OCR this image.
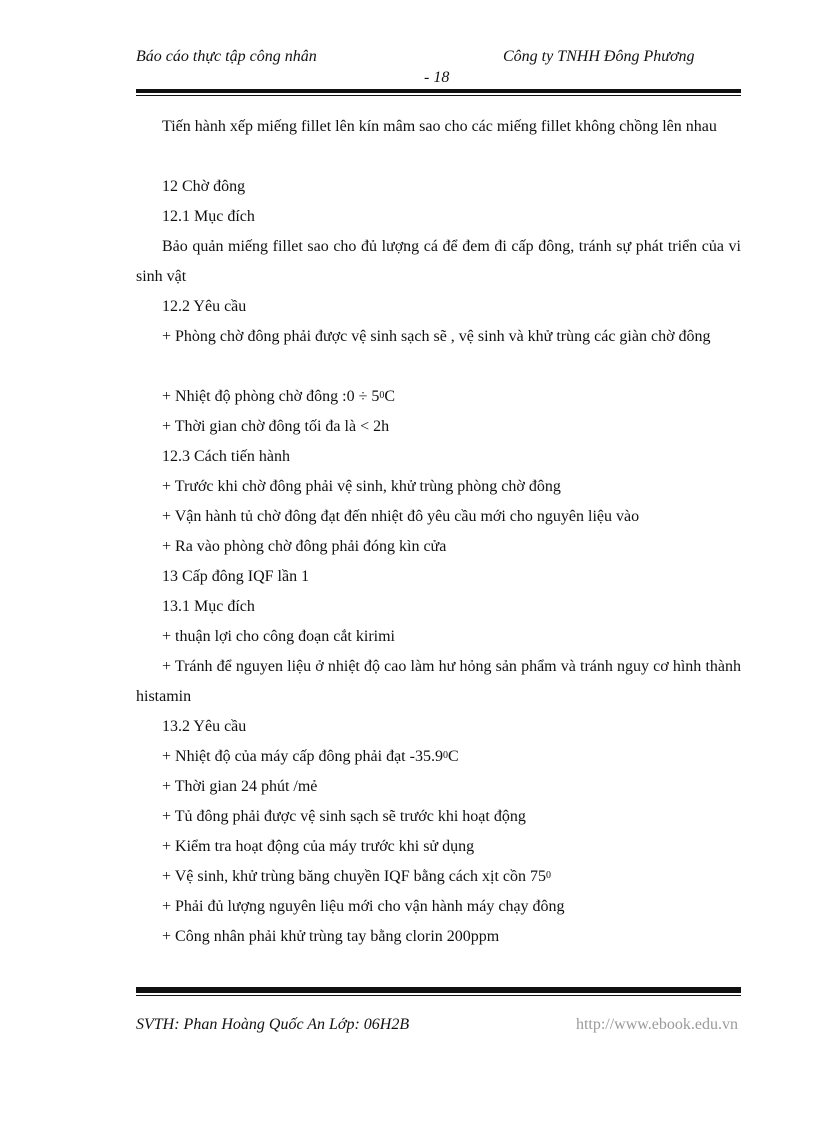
Báo cáo thực tập công nhân	Công ty TNHH Đông Phương
- 18
Tiến hành xếp miếng fillet lên kín mâm sao cho các miếng fillet không chồng lên nhau
12 Chờ đông
12.1 Mục đích
Bảo quản miếng fillet sao cho đủ lượng cá để đem đi cấp đông, tránh sự phát triển của vi sinh vật
12.2 Yêu cầu
+ Phòng chờ đông phải được vệ sinh sạch sẽ , vệ sinh và khử trùng các giàn chờ đông
+ Nhiệt độ phòng chờ đông :0 ÷ $5^0C$
+ Thời gian chờ đông tối đa là < 2h
12.3 Cách tiến hành
+ Trước khi chờ đông phải vệ sinh, khử trùng phòng chờ đông
+ Vận hành tủ chờ đông đạt đến nhiệt đô yêu cầu mới cho nguyên liệu vào
+ Ra vào phòng chờ đông phải đóng kìn cửa
13 Cấp đông IQF lần 1
13.1 Mục đích
+ thuận lợi cho công đoạn cắt kirimi
+ Tránh để nguyen liệu ở nhiệt độ cao làm hư hỏng sản phẩm và tránh nguy cơ hình thành histamin
13.2 Yêu cầu
+ Nhiệt độ của máy cấp đông phải đạt $-35.9^0C$
+ Thời gian 24 phút /mẻ
+ Tủ đông phải được vệ sinh sạch sẽ trước khi hoạt động
+ Kiểm tra hoạt động của máy trước khi sử dụng
+ Vệ sinh, khử trùng băng chuyền IQF bằng cách xịt cồn $75^0$
+ Phải đủ lượng nguyên liệu mới cho vận hành máy chạy đông
+ Công nhân phải khử trùng tay bằng clorin 200ppm
SVTH: Phan Hoàng Quốc An Lớp: 06H2B	http://www.ebook.edu.vn
